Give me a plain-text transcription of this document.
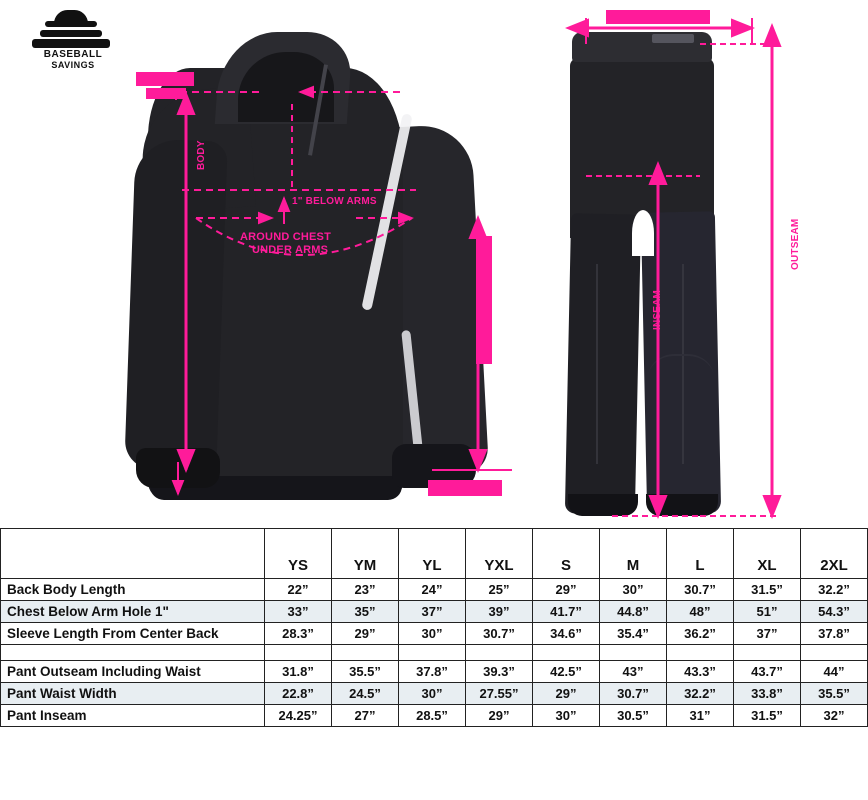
BASEBALL
SAVINGS
BODY
1" BELOW ARMS
AROUND CHEST
UNDER ARMS
INSEAM
OUTSEAM
	YS	YM	YL	YXL	S	M	L	XL	2XL
Back Body Length	22”	23”	24”	25”	29”	30”	30.7”	31.5”	32.2”
Chest Below Arm Hole 1"	33”	35”	37”	39”	41.7”	44.8”	48”	51”	54.3”
Sleeve Length From Center Back	28.3”	29”	30”	30.7”	34.6”	35.4”	36.2”	37”	37.8”

Pant Outseam Including Waist	31.8”	35.5”	37.8”	39.3”	42.5”	43”	43.3”	43.7”	44”
Pant Waist Width	22.8”	24.5”	30”	27.55”	29”	30.7”	32.2”	33.8”	35.5”
Pant Inseam	24.25”	27”	28.5”	29”	30”	30.5”	31”	31.5”	32”
